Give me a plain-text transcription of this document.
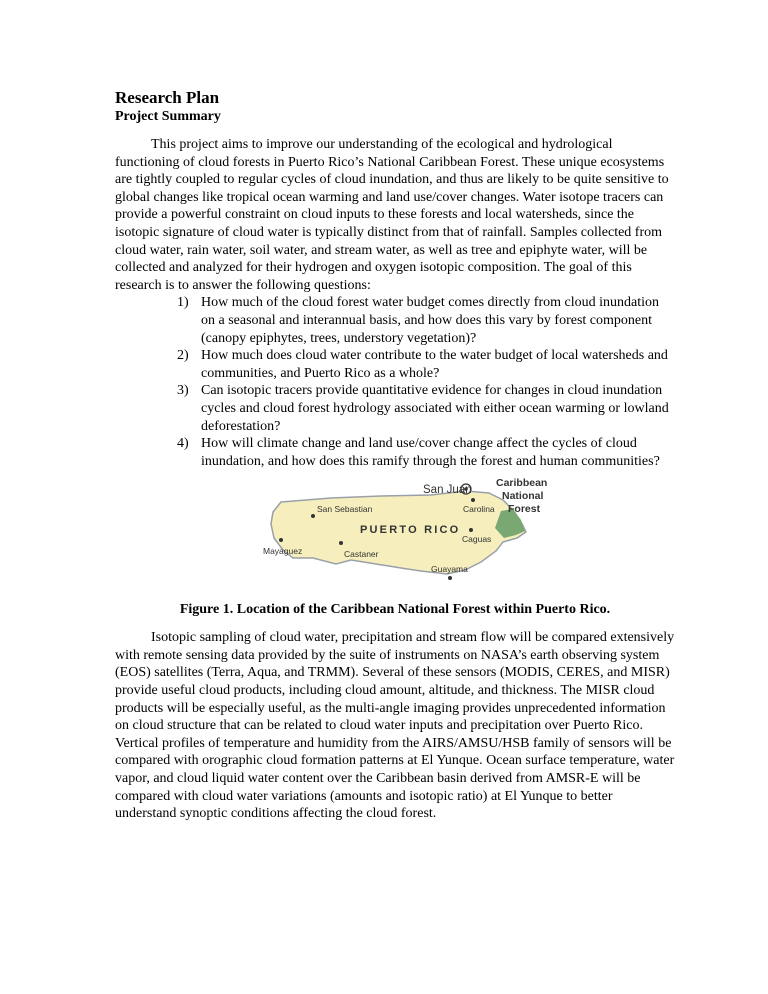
Research Plan
Project Summary

This project aims to improve our understanding of the ecological and hydrological functioning of cloud forests in Puerto Rico’s National Caribbean Forest. These unique ecosystems are tightly coupled to regular cycles of cloud inundation, and thus are likely to be quite sensitive to global changes like tropical ocean warming and land use/cover changes. Water isotope tracers can provide a powerful constraint on cloud inputs to these forests and local watersheds, since the isotopic signature of cloud water is typically distinct from that of rainfall. Samples collected from cloud water, rain water, soil water, and stream water, as well as tree and epiphyte water, will be collected and analyzed for their hydrogen and oxygen isotopic composition. The goal of this research is to answer the following questions:

1) How much of the cloud forest water budget comes directly from cloud inundation on a seasonal and interannual basis, and how does this vary by forest component (canopy epiphytes, trees, understory vegetation)?
2) How much does cloud water contribute to the water budget of local watersheds and communities, and Puerto Rico as a whole?
3) Can isotopic tracers provide quantitative evidence for changes in cloud inundation cycles and cloud forest hydrology associated with either ocean warming or lowland deforestation?
4) How will climate change and land use/cover change affect the cycles of cloud inundation, and how does this ramify through the forest and human communities?
San Juan
San Sebastian	Carolina
PUERTO RICO
Mayaguez	Castaner
Caguas
Guayama
Caribbean
National
Forest
Figure 1. Location of the Caribbean National Forest within Puerto Rico.

Isotopic sampling of cloud water, precipitation and stream flow will be compared extensively with remote sensing data provided by the suite of instruments on NASA’s earth observing system (EOS) satellites (Terra, Aqua, and TRMM). Several of these sensors (MODIS, CERES, and MISR) provide useful cloud products, including cloud amount, altitude, and thickness. The MISR cloud products will be especially useful, as the multi-angle imaging provides unprecedented information on cloud structure that can be related to cloud water inputs and precipitation over Puerto Rico. Vertical profiles of temperature and humidity from the AIRS/AMSU/HSB family of sensors will be compared with orographic cloud formation patterns at El Yunque. Ocean surface temperature, water vapor, and cloud liquid water content over the Caribbean basin derived from AMSR-E will be compared with cloud water variations (amounts and isotopic ratio) at El Yunque to better understand synoptic conditions affecting the cloud forest.
